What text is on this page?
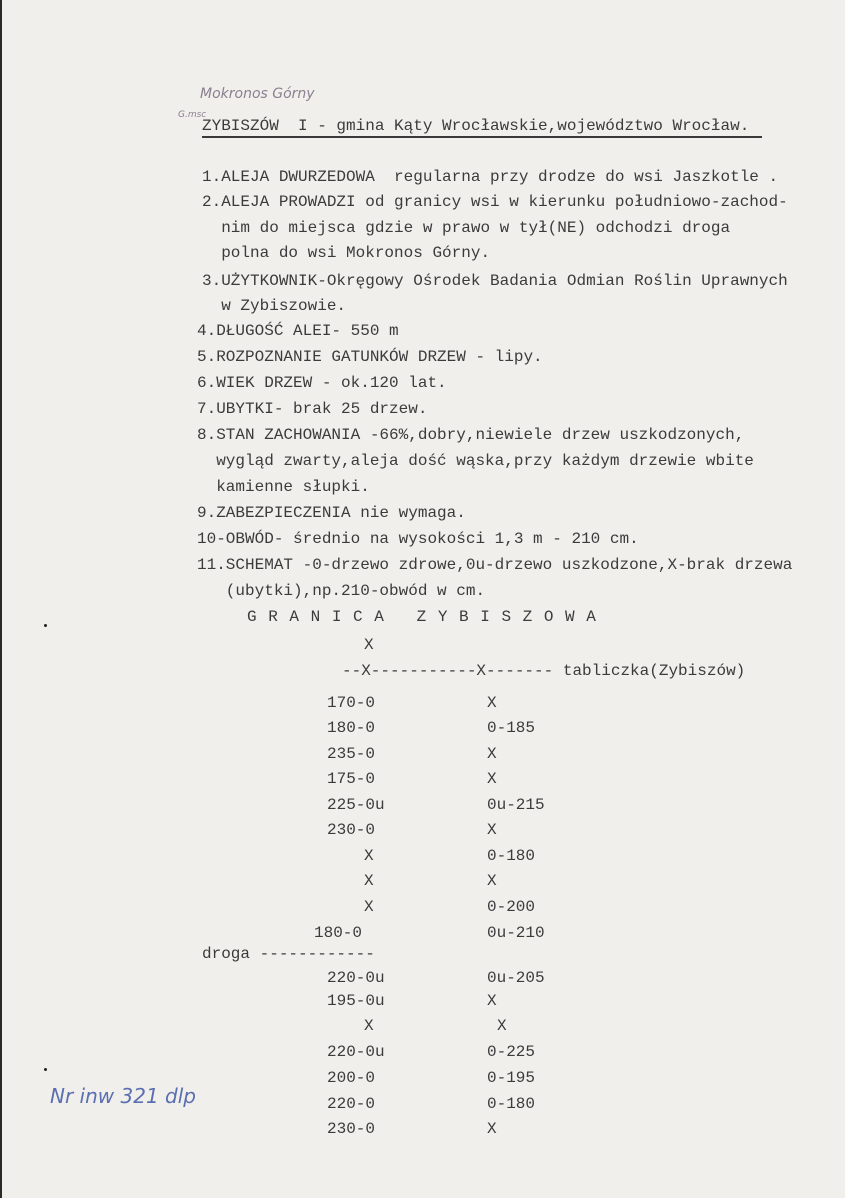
Mokronos Górny
G.msc
ZYBISZÓW  I - gmina Kąty Wrocławskie,województwo Wrocław.
1.ALEJA DWURZEDOWA  regularna przy drodze do wsi Jaszkotle .
2.ALEJA PROWADZI od granicy wsi w kierunku południowo-zachod-
nim do miejsca gdzie w prawo w tył(NE) odchodzi droga
polna do wsi Mokronos Górny.
3.UŻYTKOWNIK-Okręgowy Ośrodek Badania Odmian Roślin Uprawnych
w Zybiszowie.
4.DŁUGOŚĆ ALEI- 550 m
5.ROZPOZNANIE GATUNKÓW DRZEW - lipy.
6.WIEK DRZEW - ok.120 lat.
7.UBYTKI- brak 25 drzew.
8.STAN ZACHOWANIA -66%,dobry,niewiele drzew uszkodzonych,
wygląd zwarty,aleja dość wąska,przy każdym drzewie wbite
kamienne słupki.
9.ZABEZPIECZENIA nie wymaga.
10-OBWÓD- średnio na wysokości 1,3 m - 210 cm.
11.SCHEMAT -0-drzewo zdrowe,0u-drzewo uszkodzone,X-brak drzewa
(ubytki),np.210-obwód w cm.
G R A N I C A   Z Y B I S Z O W A
X
--X-----------X------- tabliczka(Zybiszów)
droga ------------
170-0	X
180-0	0-185
235-0	X
175-0	X
225-0u	0u-215
230-0	X
X	0-180
X	X
X	0-200
180-0	0u-210
220-0u	0u-205
195-0u	X
X	X
220-0u	0-225
200-0	0-195
220-0	0-180
230-0	X
Nr inw 321 dlp
